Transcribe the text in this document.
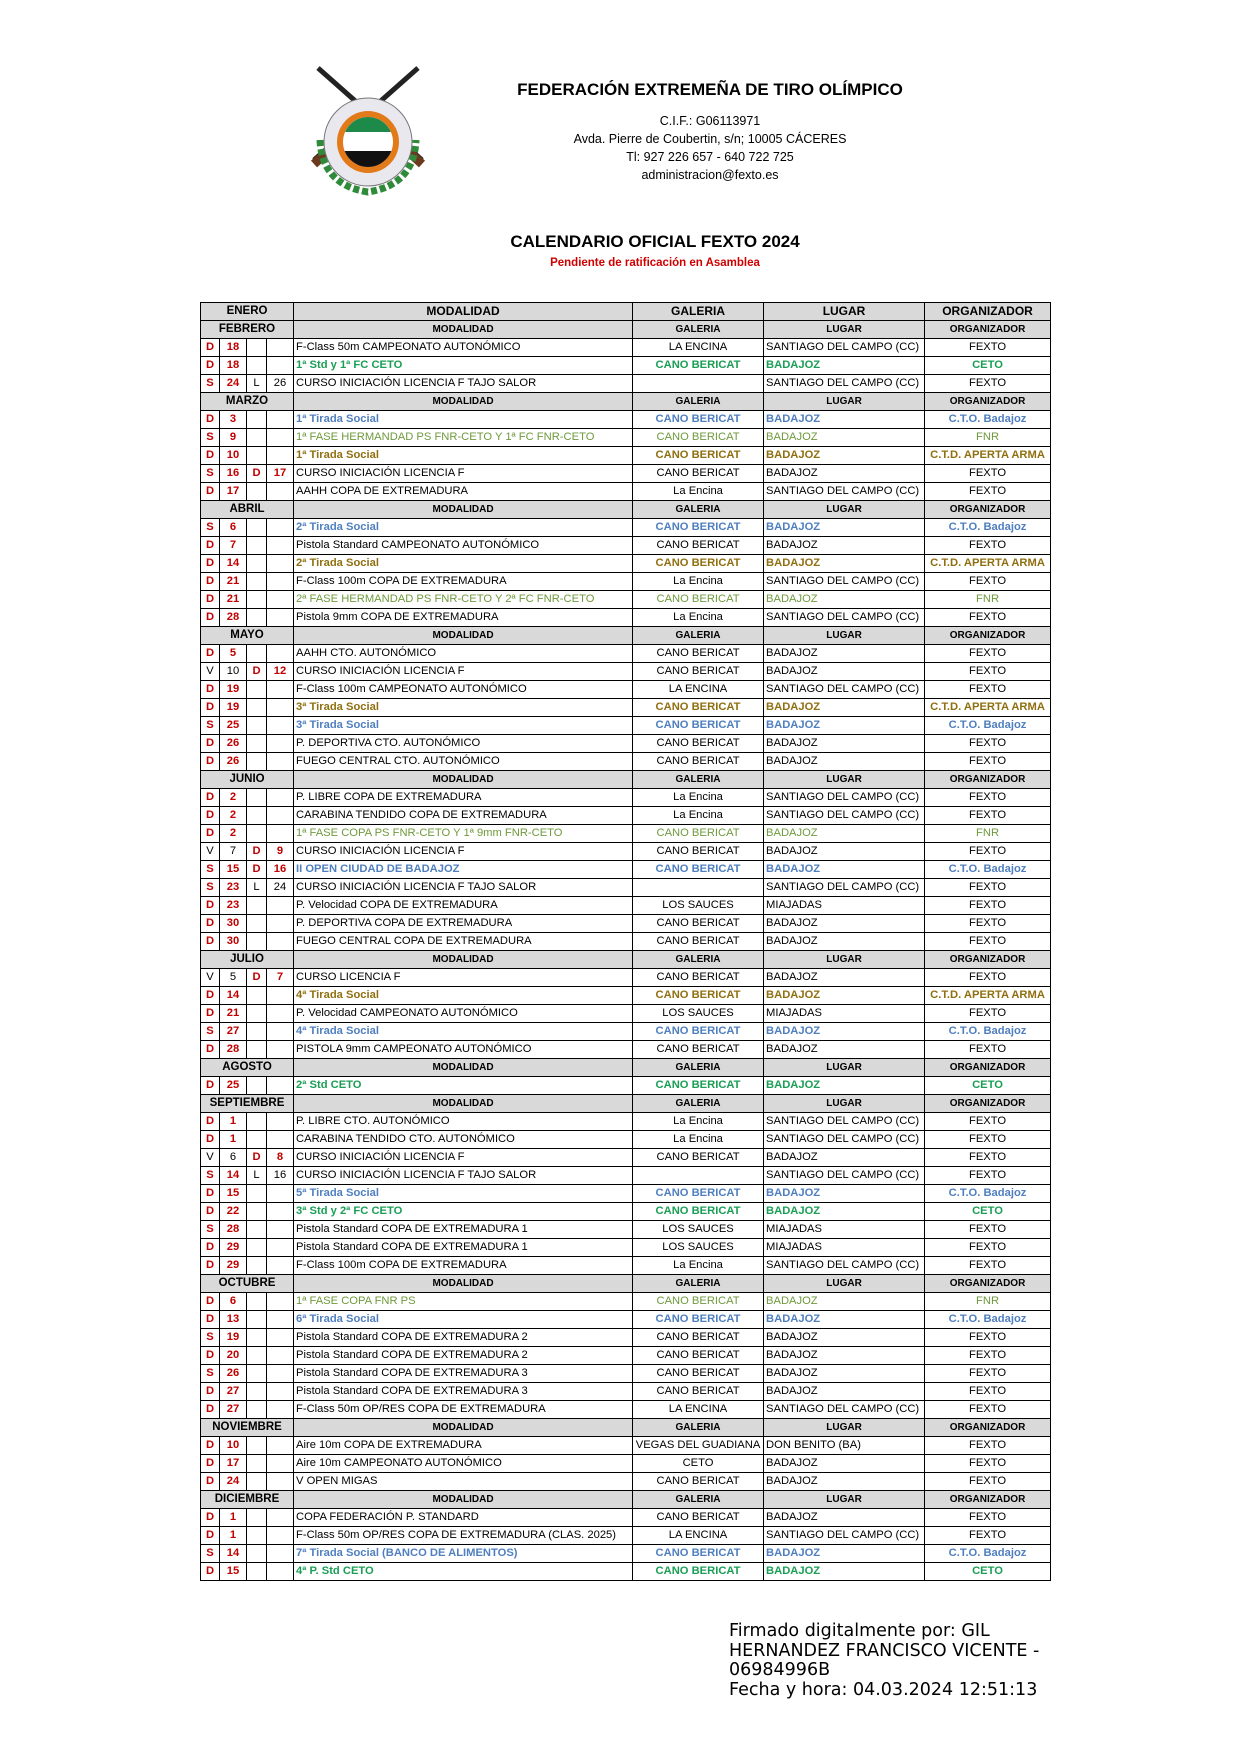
FEDERACIÓN EXTREMEÑA DE TIRO OLÍMPICO
C.I.F.: G06113971
Avda. Pierre de Coubertin, s/n; 10005 CÁCERES
Tl: 927 226 657 - 640 722 725
administracion@fexto.es
CALENDARIO OFICIAL FEXTO 2024
Pendiente de ratificación en Asamblea
ENERO				MODALIDAD	GALERIA	LUGAR	ORGANIZADOR
FEBRERO				MODALIDAD	GALERIA	LUGAR	ORGANIZADOR
D	18			F-Class 50m CAMPEONATO AUTONÓMICO	LA ENCINA	SANTIAGO DEL CAMPO (CC)	FEXTO
D	18			1ª Std y 1ª FC CETO	CANO BERICAT	BADAJOZ	CETO
S	24	L	26	CURSO INICIACIÓN LICENCIA F TAJO SALOR		SANTIAGO DEL CAMPO (CC)	FEXTO
MARZO				MODALIDAD	GALERIA	LUGAR	ORGANIZADOR
D	3			1ª Tirada Social	CANO BERICAT	BADAJOZ	C.T.O. Badajoz
S	9			1ª FASE HERMANDAD PS FNR-CETO Y 1ª FC FNR-CETO	CANO BERICAT	BADAJOZ	FNR
D	10			1ª Tirada Social	CANO BERICAT	BADAJOZ	C.T.D. APERTA ARMA
S	16	D	17	CURSO INICIACIÓN LICENCIA F	CANO BERICAT	BADAJOZ	FEXTO
D	17			AAHH COPA DE EXTREMADURA	La Encina	SANTIAGO DEL CAMPO (CC)	FEXTO
ABRIL				MODALIDAD	GALERIA	LUGAR	ORGANIZADOR
S	6			2ª Tirada Social	CANO BERICAT	BADAJOZ	C.T.O. Badajoz
D	7			Pistola Standard CAMPEONATO AUTONÓMICO	CANO BERICAT	BADAJOZ	FEXTO
D	14			2ª Tirada Social	CANO BERICAT	BADAJOZ	C.T.D. APERTA ARMA
D	21			F-Class 100m COPA DE EXTREMADURA	La Encina	SANTIAGO DEL CAMPO (CC)	FEXTO
D	21			2ª FASE HERMANDAD PS FNR-CETO Y 2ª FC FNR-CETO	CANO BERICAT	BADAJOZ	FNR
D	28			Pistola 9mm COPA DE EXTREMADURA	La Encina	SANTIAGO DEL CAMPO (CC)	FEXTO
MAYO				MODALIDAD	GALERIA	LUGAR	ORGANIZADOR
D	5			AAHH CTO. AUTONÓMICO	CANO BERICAT	BADAJOZ	FEXTO
V	10	D	12	CURSO INICIACIÓN LICENCIA F	CANO BERICAT	BADAJOZ	FEXTO
D	19			F-Class 100m CAMPEONATO AUTONÓMICO	LA ENCINA	SANTIAGO DEL CAMPO (CC)	FEXTO
D	19			3ª Tirada Social	CANO BERICAT	BADAJOZ	C.T.D. APERTA ARMA
S	25			3ª Tirada Social	CANO BERICAT	BADAJOZ	C.T.O. Badajoz
D	26			P. DEPORTIVA CTO. AUTONÓMICO	CANO BERICAT	BADAJOZ	FEXTO
D	26			FUEGO CENTRAL CTO. AUTONÓMICO	CANO BERICAT	BADAJOZ	FEXTO
JUNIO				MODALIDAD	GALERIA	LUGAR	ORGANIZADOR
D	2			P. LIBRE COPA DE EXTREMADURA	La Encina	SANTIAGO DEL CAMPO (CC)	FEXTO
D	2			CARABINA TENDIDO COPA DE EXTREMADURA	La Encina	SANTIAGO DEL CAMPO (CC)	FEXTO
D	2			1ª FASE COPA PS FNR-CETO Y 1ª 9mm FNR-CETO	CANO BERICAT	BADAJOZ	FNR
V	7	D	9	CURSO INICIACIÓN LICENCIA F	CANO BERICAT	BADAJOZ	FEXTO
S	15	D	16	II OPEN CIUDAD DE BADAJOZ	CANO BERICAT	BADAJOZ	C.T.O. Badajoz
S	23	L	24	CURSO INICIACIÓN LICENCIA F TAJO SALOR		SANTIAGO DEL CAMPO (CC)	FEXTO
D	23			P. Velocidad COPA DE EXTREMADURA	LOS SAUCES	MIAJADAS	FEXTO
D	30			P. DEPORTIVA COPA DE EXTREMADURA	CANO BERICAT	BADAJOZ	FEXTO
D	30			FUEGO CENTRAL COPA DE EXTREMADURA	CANO BERICAT	BADAJOZ	FEXTO
JULIO				MODALIDAD	GALERIA	LUGAR	ORGANIZADOR
V	5	D	7	CURSO LICENCIA F	CANO BERICAT	BADAJOZ	FEXTO
D	14			4ª Tirada Social	CANO BERICAT	BADAJOZ	C.T.D. APERTA ARMA
D	21			P. Velocidad CAMPEONATO AUTONÓMICO	LOS SAUCES	MIAJADAS	FEXTO
S	27			4ª Tirada Social	CANO BERICAT	BADAJOZ	C.T.O. Badajoz
D	28			PISTOLA 9mm CAMPEONATO AUTONÓMICO	CANO BERICAT	BADAJOZ	FEXTO
AGOSTO				MODALIDAD	GALERIA	LUGAR	ORGANIZADOR
D	25			2ª Std CETO	CANO BERICAT	BADAJOZ	CETO
SEPTIEMBRE				MODALIDAD	GALERIA	LUGAR	ORGANIZADOR
D	1			P. LIBRE CTO. AUTONÓMICO	La Encina	SANTIAGO DEL CAMPO (CC)	FEXTO
D	1			CARABINA TENDIDO CTO. AUTONÓMICO	La Encina	SANTIAGO DEL CAMPO (CC)	FEXTO
V	6	D	8	CURSO INICIACIÓN LICENCIA F	CANO BERICAT	BADAJOZ	FEXTO
S	14	L	16	CURSO INICIACIÓN LICENCIA F TAJO SALOR		SANTIAGO DEL CAMPO (CC)	FEXTO
D	15			5ª Tirada Social	CANO BERICAT	BADAJOZ	C.T.O. Badajoz
D	22			3ª Std y 2ª FC CETO	CANO BERICAT	BADAJOZ	CETO
S	28			Pistola Standard COPA DE EXTREMADURA 1	LOS SAUCES	MIAJADAS	FEXTO
D	29			Pistola Standard COPA DE EXTREMADURA 1	LOS SAUCES	MIAJADAS	FEXTO
D	29			F-Class 100m COPA DE EXTREMADURA	La Encina	SANTIAGO DEL CAMPO (CC)	FEXTO
OCTUBRE				MODALIDAD	GALERIA	LUGAR	ORGANIZADOR
D	6			1ª FASE COPA FNR PS	CANO BERICAT	BADAJOZ	FNR
D	13			6ª Tirada Social	CANO BERICAT	BADAJOZ	C.T.O. Badajoz
S	19			Pistola Standard COPA DE EXTREMADURA 2	CANO BERICAT	BADAJOZ	FEXTO
D	20			Pistola Standard COPA DE EXTREMADURA 2	CANO BERICAT	BADAJOZ	FEXTO
S	26			Pistola Standard COPA DE EXTREMADURA 3	CANO BERICAT	BADAJOZ	FEXTO
D	27			Pistola Standard COPA DE EXTREMADURA 3	CANO BERICAT	BADAJOZ	FEXTO
D	27			F-Class 50m OP/RES COPA DE EXTREMADURA	LA ENCINA	SANTIAGO DEL CAMPO (CC)	FEXTO
NOVIEMBRE				MODALIDAD	GALERIA	LUGAR	ORGANIZADOR
D	10			Aire 10m COPA DE EXTREMADURA	VEGAS DEL GUADIANA	DON BENITO (BA)	FEXTO
D	17			Aire 10m CAMPEONATO AUTONÓMICO	CETO	BADAJOZ	FEXTO
D	24			V OPEN MIGAS	CANO BERICAT	BADAJOZ	FEXTO
DICIEMBRE				MODALIDAD	GALERIA	LUGAR	ORGANIZADOR
D	1			COPA FEDERACIÓN P. STANDARD	CANO BERICAT	BADAJOZ	FEXTO
D	1			F-Class 50m OP/RES COPA DE EXTREMADURA (CLAS. 2025)	LA ENCINA	SANTIAGO DEL CAMPO (CC)	FEXTO
S	14			7ª Tirada Social (BANCO DE ALIMENTOS)	CANO BERICAT	BADAJOZ	C.T.O. Badajoz
D	15			4ª P. Std CETO	CANO BERICAT	BADAJOZ	CETO
Firmado digitalmente por: GIL
HERNANDEZ FRANCISCO VICENTE -
06984996B
Fecha y hora: 04.03.2024 12:51:13
